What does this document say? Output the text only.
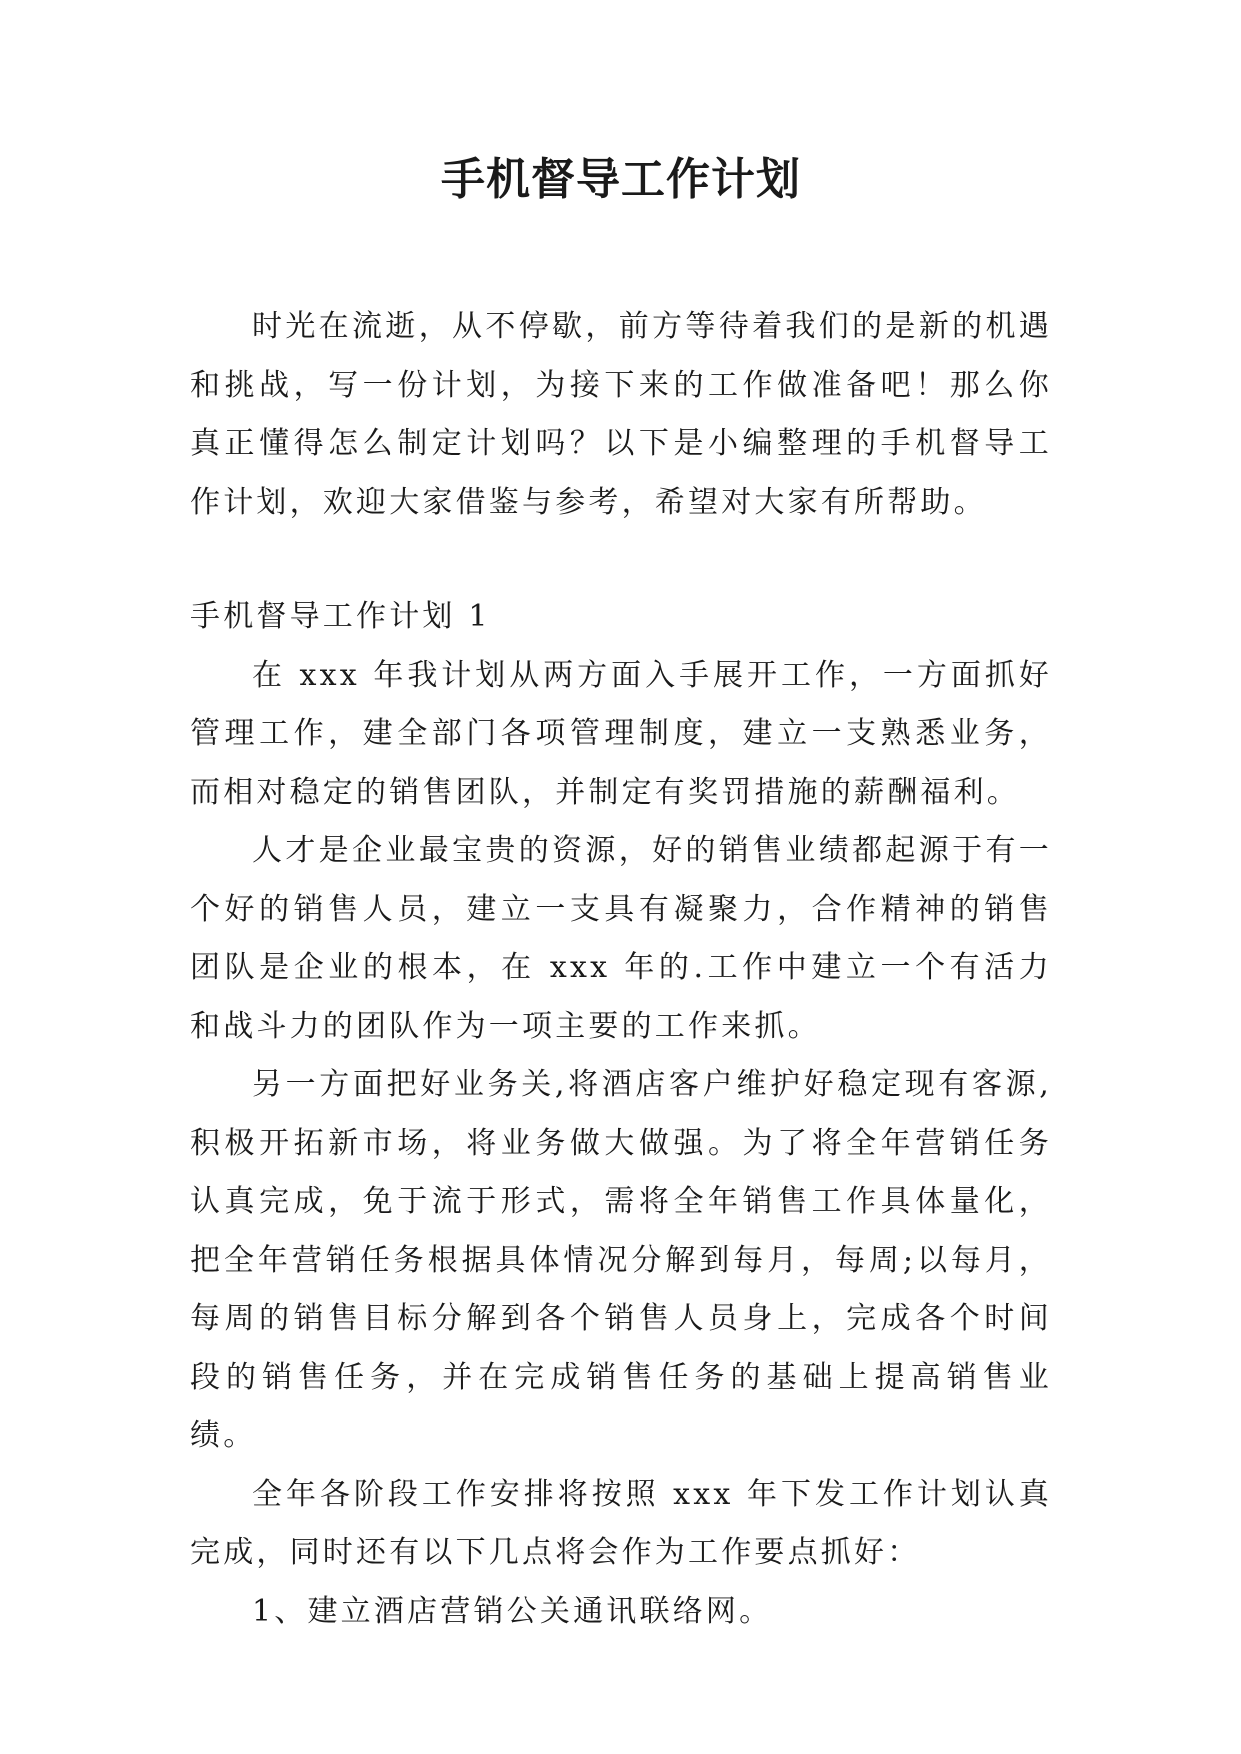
手机督导工作计划

时光在流逝，从不停歇，前方等待着我们的是新的机遇和挑战，写一份计划，为接下来的工作做准备吧！那么你真正懂得怎么制定计划吗？以下是小编整理的手机督导工作计划，欢迎大家借鉴与参考，希望对大家有所帮助。

手机督导工作计划 1

在 xxx 年我计划从两方面入手展开工作，一方面抓好管理工作，建全部门各项管理制度，建立一支熟悉业务，而相对稳定的销售团队，并制定有奖罚措施的薪酬福利。

人才是企业最宝贵的资源，好的销售业绩都起源于有一个好的销售人员，建立一支具有凝聚力，合作精神的销售团队是企业的根本，在 xxx 年的.工作中建立一个有活力和战斗力的团队作为一项主要的工作来抓。

另一方面把好业务关,将酒店客户维护好稳定现有客源,积极开拓新市场，将业务做大做强。为了将全年营销任务认真完成，免于流于形式，需将全年销售工作具体量化，把全年营销任务根据具体情况分解到每月，每周;以每月，每周的销售目标分解到各个销售人员身上，完成各个时间段的销售任务，并在完成销售任务的基础上提高销售业绩。

全年各阶段工作安排将按照 xxx 年下发工作计划认真完成，同时还有以下几点将会作为工作要点抓好：

1、建立酒店营销公关通讯联络网。
